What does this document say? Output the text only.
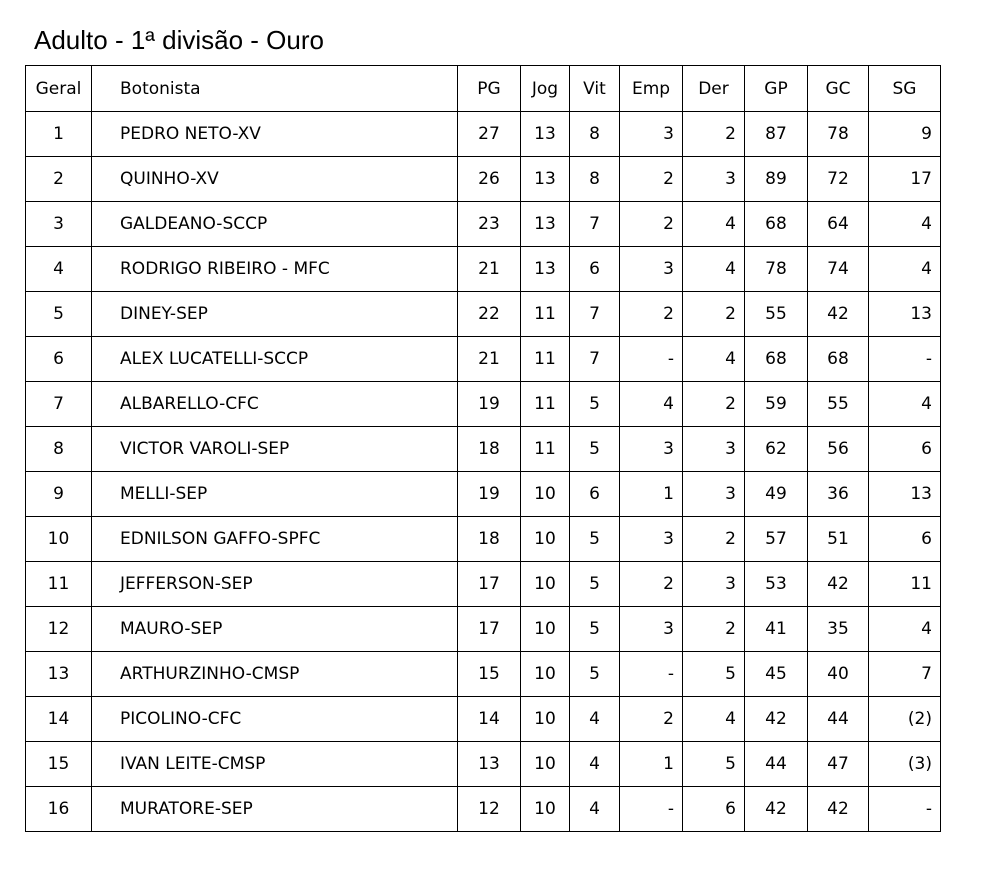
Adulto - 1ª divisão - Ouro
Geral	Botonista	PG	Jog	Vit	Emp	Der	GP	GC	SG
1	PEDRO NETO-XV	27	13	8	3	2	87	78	9
2	QUINHO-XV	26	13	8	2	3	89	72	17
3	GALDEANO-SCCP	23	13	7	2	4	68	64	4
4	RODRIGO RIBEIRO - MFC	21	13	6	3	4	78	74	4
5	DINEY-SEP	22	11	7	2	2	55	42	13
6	ALEX LUCATELLI-SCCP	21	11	7	-	4	68	68	-
7	ALBARELLO-CFC	19	11	5	4	2	59	55	4
8	VICTOR VAROLI-SEP	18	11	5	3	3	62	56	6
9	MELLI-SEP	19	10	6	1	3	49	36	13
10	EDNILSON GAFFO-SPFC	18	10	5	3	2	57	51	6
11	JEFFERSON-SEP	17	10	5	2	3	53	42	11
12	MAURO-SEP	17	10	5	3	2	41	35	4
13	ARTHURZINHO-CMSP	15	10	5	-	5	45	40	7
14	PICOLINO-CFC	14	10	4	2	4	42	44	(2)
15	IVAN LEITE-CMSP	13	10	4	1	5	44	47	(3)
16	MURATORE-SEP	12	10	4	-	6	42	42	-
